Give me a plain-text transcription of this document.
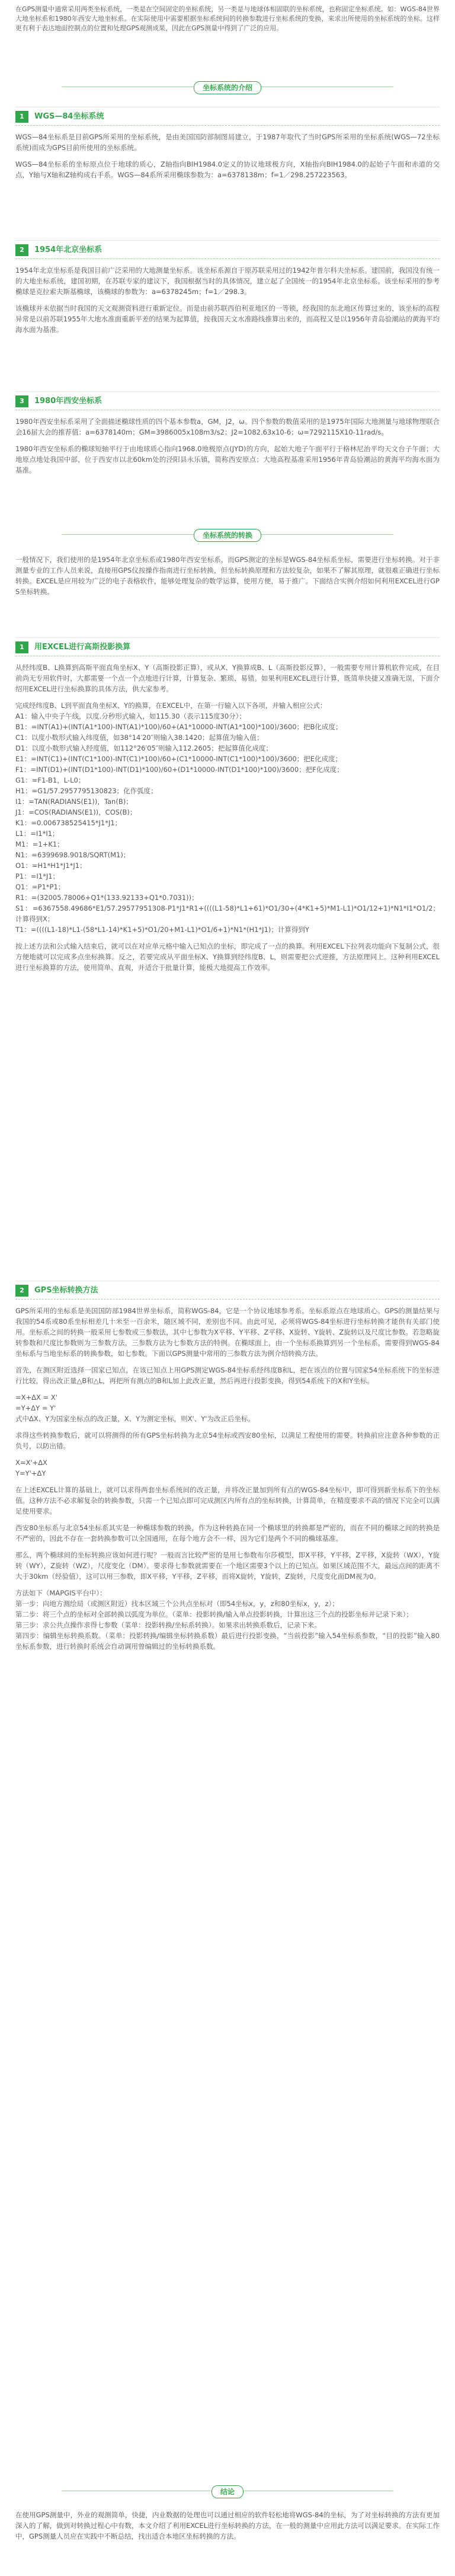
在GPS测量中通常采用两类坐标系统，一类是在空间固定的坐标系统，另一类是与地球体相固联的坐标系统，也称固定坐标系统。如：WGS-84世界大地坐标系和1980年西安大地坐标系。在实际使用中需要根据坐标系统间的转换参数进行坐标系统的变换，来求出所使用的坐标系统的坐标。这样更有利于表达地面控制点的位置和处理GPS观测成果，因此在GPS测量中得到了广泛的应用。

坐标系统的介绍
1	WGS—84坐标系统

WGS—84坐标系是目前GPS所采用的坐标系统，是由美国国防部制图局建立，于1987年取代了当时GPS所采用的坐标系统(WGS—72坐标系统)而成为GPS目前所使用的坐标系统。

WGS—84坐标系的坐标原点位于地球的质心，Z轴指向BIH1984.0定义的协议地球极方向，X轴指向BIH1984.0的起始子午面和赤道的交点，Y轴与X轴和Z轴构成右手系。WGS—84系所采用椭球参数为：a=6378138m；f=1／298.257223563。

2	1954年北京坐标系

1954年北京坐标系是我国目前广泛采用的大地测量坐标系。该坐标系源自于原苏联采用过的1942年普尔科夫坐标系。建国前，我国没有统一的大地坐标系统，建国初期，在苏联专家的建议下，我国根据当时的具体情况，建立起了全国统一的1954年北京坐标系。该坐标采用的参考椭球是克拉索夫斯基椭球，该椭球的参数为：a=6378245m；f=1／298.3。

该椭球并未依据当时我国的天文观测资料进行重新定位。而是由前苏联西伯利亚地区的一等锁，经我国的东北地区传算过来的，该坐标的高程异常是以前苏联1955年大地水准面重新平差的结果为起算值，按我国天文水准路线推算出来的，而高程又是以1956年青岛验潮站的黄海平均海水面为基准。

3	1980年西安坐标系

1980年西安坐标系采用了全面描述椭球性质的四个基本参数a，GM，J2，ω。四个参数的数值采用的是1975年国际大地测量与地球物理联合会16届大会的推荐值：a=6378140m；GM=3986005x108m3/s2；J2=1082.63x10-6；ω=7292115X10-11rad/s。

1980年西安坐标系的椭球短轴平行于由地球质心指向1968.0地极原点(JYD)的方向，起始大地子午面平行于格林尼治平均天文台子午面；大地原点地处我国中部，位于西安市以北60km处的泾阳县永乐镇，简称西安原点；大地高程基准采用1956年青岛验潮站的黄海平均海水面为基准。

坐标系统的转换

一般情况下，我们使用的是1954年北京坐标系或1980年西安坐标系，而GPS测定的坐标是WGS-84坐标系坐标，需要进行坐标转换。对于非测量专业的工作人员来说，直接用GPS仪按操作指南进行坐标转换，但坐标转换原理和方法较复杂，如果不了解其原理，就很难正确进行坐标转换。EXCEL是应用较为广泛的电子表格软件，能够处理复杂的数学运算，使用方便，易于推广。下面结合实例介绍如何利用EXCEL进行GPS坐标转换。

1	用EXCEL进行高斯投影换算

从经纬度B、L换算到高斯平面直角坐标X、Y（高斯投影正算），或从X、Y换算成B、L（高斯投影反算），一般需要专用计算机软件完成，在目前尚无专用软件时，大都需要一个点一个点地进行计算，计算复杂、繁琐、易错。如果利用EXCEL进行计算，既简单快捷又准确无误，下面介绍用EXCEL进行坐标换算的具体方法，供大家参考。

完成经纬度B、L到平面直角坐标X、Y的换算，在EXCEL中，在第一行输入以下各项，并输入相应公式：

A1：输入中央子午线，以度.分秒形式输入，如115.30（表示115度30分）；

B1：=INT(A1)+(INT(A1*100)-INT(A1)*100)/60+(A1*10000-INT(A1*100)*100)/3600；把B化成度；

C1：以度小数形式输入纬度值，如38°14′20″则输入38.1420；起算值为输入值；

D1：以度小数形式输入经度值，如112°26′05″则输入112.2605；把起算值化成度；

E1：=INT(C1)+(INT(C1*100)-INT(C1)*100)/60+(C1*10000-INT(C1*100)*100)/3600；把E化成度；

F1：=INT(D1)+(INT(D1*100)-INT(D1)*100)/60+(D1*10000-INT(D1*100)*100)/3600；把F化成度；

G1：=F1-B1，L-L0；

H1：=G1/57.2957795130823；化作弧度；

I1：=TAN(RADIANS(E1))，Tan(B)；

J1：=COS(RADIANS(E1))，COS(B)；

K1：=0.006738525415*J1*J1；

L1：=I1*I1；

M1：=1+K1；

N1：=6399698.9018/SQRT(M1)；

O1：=H1*H1*J1*J1；

P1：=I1*J1；

Q1：=P1*P1；

R1：=(32005.78006+Q1*(133.92133+Q1*0.7031))；

S1：=6367558.49686*E1/57.29577951308-P1*J1*R1+((((L1-58)*L1+61)*O1/30+(4*K1+5)*M1-L1)*O1/12+1)*N1*I1*O1/2；计算得到X；

T1：=((((L1-18)*L1-(58*L1-14)*K1+5)*O1/20+M1-L1)*O1/6+1)*N1*(H1*J1)；计算得到Y

按上述方法和公式输入结束后，就可以在对应单元格中输入已知点的坐标，即完成了一点的换算。利用EXCEL下拉列表功能向下复制公式，很方便地就可以完成多点坐标换算。反之，若要完成从平面坐标X、Y换算到经纬度B、L，则需要把公式逆推，方法原理同上。这种利用EXCEL进行坐标换算的方法，使用简单、直观，并适合于批量计算，能极大地提高工作效率。

2	GPS坐标转换方法

GPS所采用的坐标系是美国国防部1984世界坐标系，简称WGS-84，它是一个协议地球参考系。坐标系原点在地球质心。GPS的测量结果与我国的54系或80系坐标相差几十米至一百余米，随区域不同，差别也不同。由此可见，必须将WGS-84坐标进行坐标转换才能供有关部门使用。坐标系之间的转换一般采用七参数或三参数法，其中七参数为X平移、Y平移、Z平移、X旋转、Y旋转、Z旋转以及尺度比参数。若忽略旋转参数和尺度比参数则为三参数方法，三参数方法为七参数方法的特例。在椭球面上，由一个坐标系换算到另一个坐标系，需要得到WGS-84坐标系与当地坐标系的转换参数，如七参数。下面以GPS测量中常用的三参数方法为例介绍转换方法。

首先，在测区附近选择一国家已知点，在该已知点上用GPS测定WGS-84坐标系经纬度B和L，把在该点的位置与国家54坐标系统下的坐标进行比较，得出改正量△B和△L，再把所有测点的B和L加上此改正量，然后再进行投影变换，得到54系统下的X和Y坐标。

=X+ΔX = X'

=Y+ΔY = Y'

式中ΔX、Y为国家坐标点的改正量，X、Y为测定坐标，则X'、Y'为改正后坐标。

求得这些转换参数后，就可以将测得的所有GPS坐标转换为北京54坐标或西安80坐标，以满足工程使用的需要。转换前应注意各种参数的正负号，以防出错。

X=X'+ΔX

Y=Y'+ΔY

在上述EXCEL计算的基础上，就可以求得两套坐标系统间的改正量，并将改正量加到所有点的WGS-84坐标中，即可得到新坐标系下的坐标值。这种方法不必求解复杂的转换参数，只需一个已知点即可完成测区内所有点的坐标转换，计算简单，在精度要求不高的情况下完全可以满足使用要求。

西安80坐标系与北京54坐标系其实是一种椭球参数的转换，作为这种转换在同一个椭球里的转换都是严密的，而在不同的椭球之间的转换是不严密的，因此不存在一套转换参数可以全国通用，在每个地方会不一样，因为它们是两个不同的椭球基准。

那么，两个椭球间的坐标转换应该如何进行呢？一般而言比较严密的是用七参数布尔莎模型，即X平移，Y平移，Z平移，X旋转（WX），Y旋转（WY），Z旋转（WZ），尺度变化（DM）。要求得七参数就需要在一个地区需要3个以上的已知点。如果区域范围不大，最远点间的距离不大于30km（经验值），这可以用三参数，即X平移，Y平移，Z平移，而将X旋转，Y旋转，Z旋转，尺度变化面DM视为0。

方法如下（MAPGIS平台中）：

第一步：向地方测绘局（或测区附近）找本区域三个公共点坐标对（即54坐标x，y，z和80坐标x，y，z）；

第二步：将三个点的坐标对全部转换以弧度为单位。（菜单：投影转换/输入单点投影转换，计算出这三个点的投影坐标并记录下来）；

第三步：求公共点操作求得七参数（菜单：投影转换/坐标系转换）。如果求出转换系数后，记录下来。

第四步：编辑坐标转换系数。（菜单：投影转换/编辑坐标转换系数）最后进行投影变换，“当前投影”输入54坐标系参数，“目的投影”输入80坐标系参数，进行转换时系统会自动调用曾编辑过的坐标转换系数。

结论

在使用GPS测量中，外业的观测简单，快捷，内业数据的处理也可以通过相应的软件轻松地将WGS-84的坐标，为了对坐标转换的方法有更加深入的了解，做到对转换过程心中有数，本文介绍了利用EXCEL进行坐标转换的方法，在一般的测量中应用此方法可以满足要求。在实际工作中，GPS测量人员应在实践中不断总结，找出适合本地区坐标转换的方法。
